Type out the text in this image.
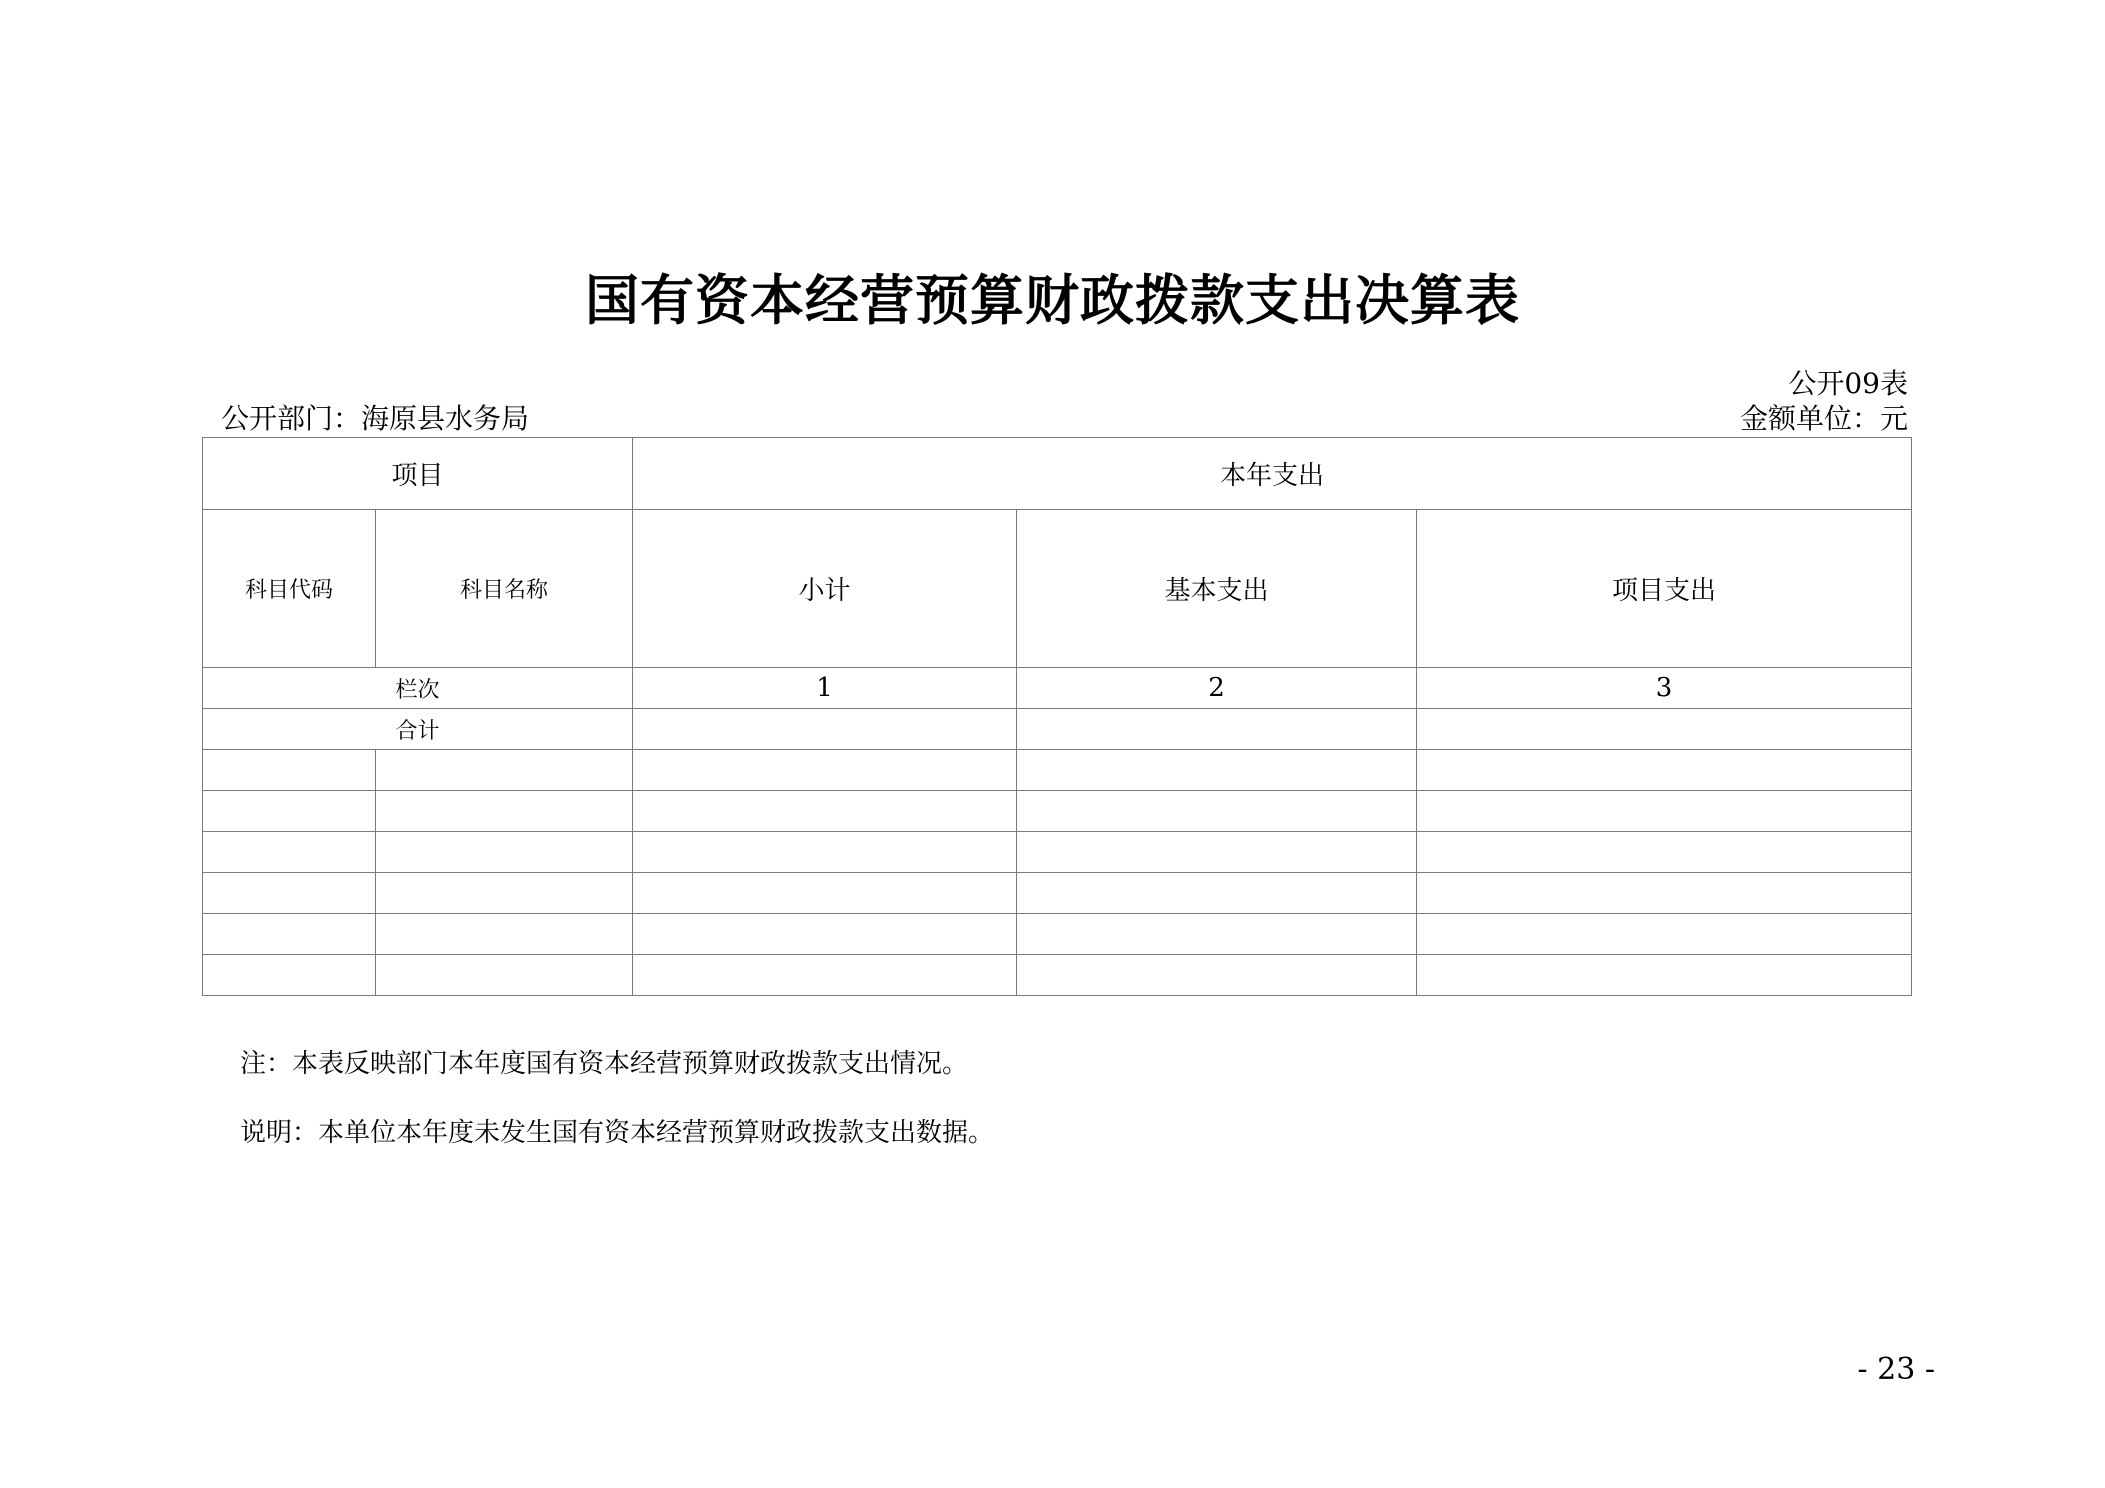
国有资本经营预算财政拨款支出决算表
公开09表
公开部门：海原县水务局	金额单位：元
项目		本年支出		
科目代码	科目名称	小计	基本支出	项目支出
栏次		1	2	3
合计				

注：本表反映部门本年度国有资本经营预算财政拨款支出情况。
说明：本单位本年度未发生国有资本经营预算财政拨款支出数据。
- 23 -
